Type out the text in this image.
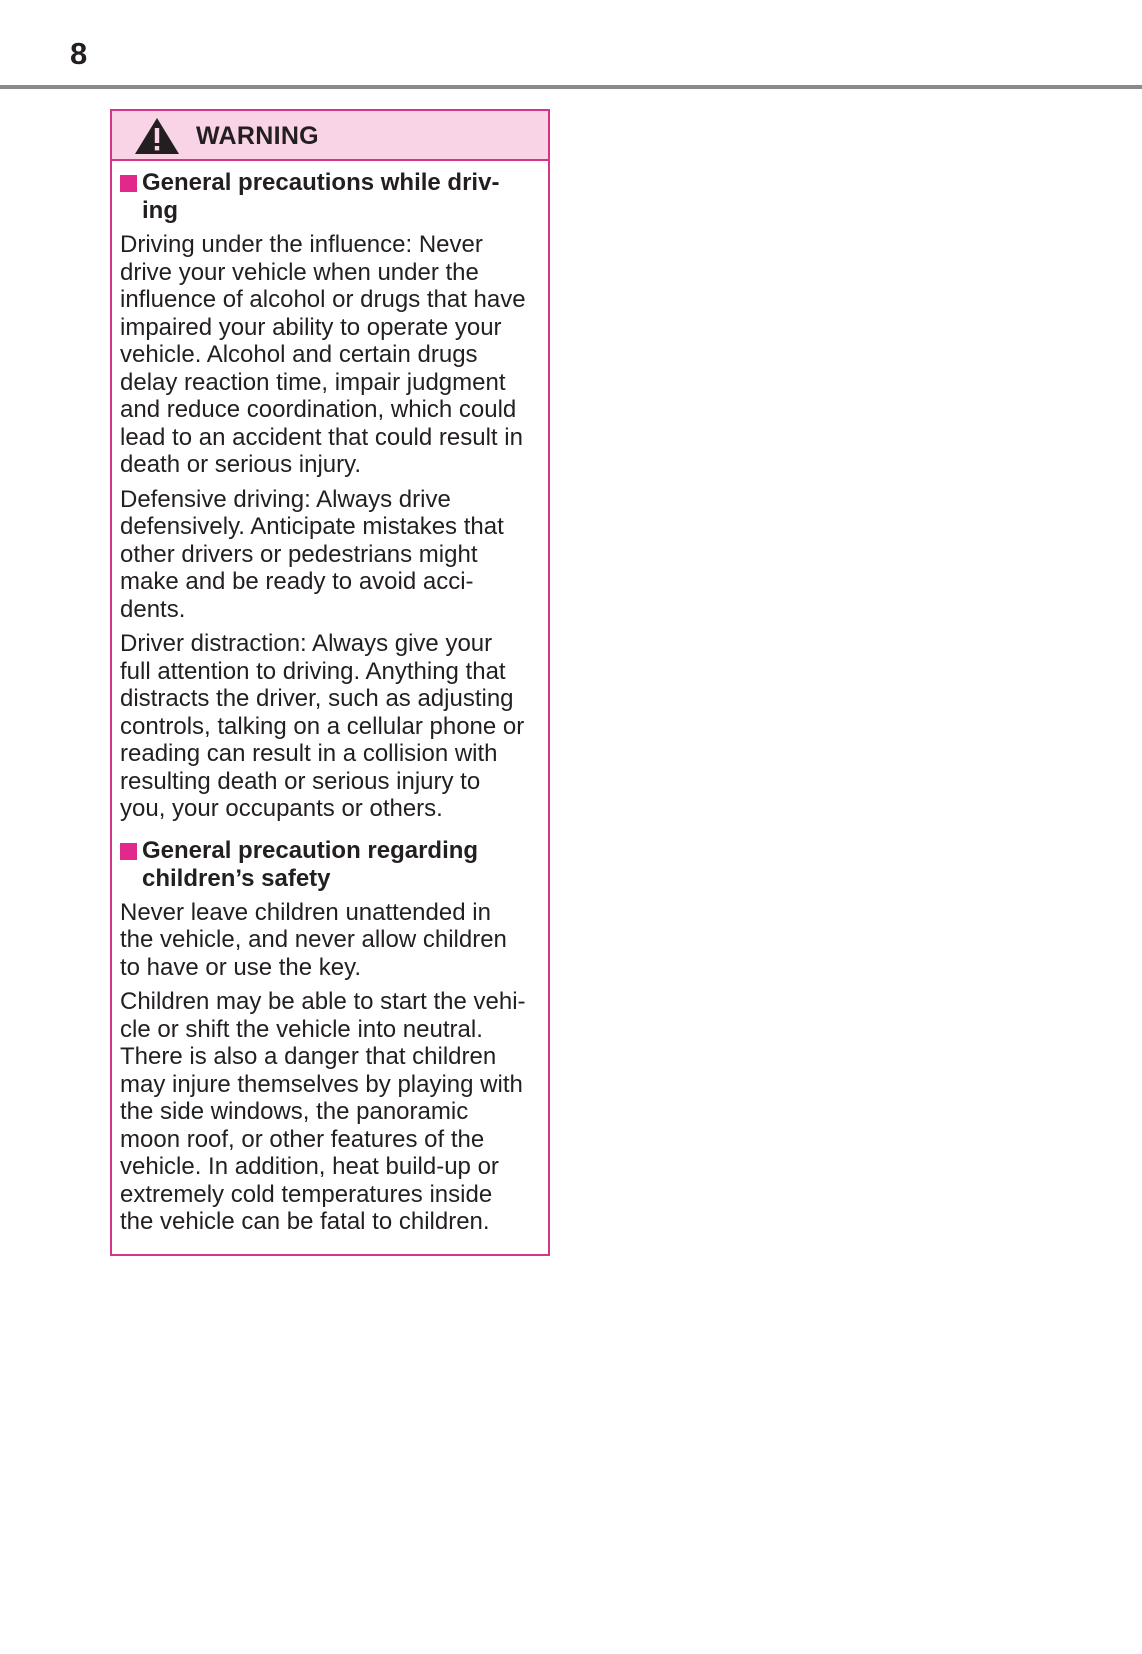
8
WARNING
General precautions while driv-
ing
Driving under the influence: Never
drive your vehicle when under the
influence of alcohol or drugs that have
impaired your ability to operate your
vehicle. Alcohol and certain drugs
delay reaction time, impair judgment
and reduce coordination, which could
lead to an accident that could result in
death or serious injury.
Defensive driving: Always drive
defensively. Anticipate mistakes that
other drivers or pedestrians might
make and be ready to avoid acci-
dents.
Driver distraction: Always give your
full attention to driving. Anything that
distracts the driver, such as adjusting
controls, talking on a cellular phone or
reading can result in a collision with
resulting death or serious injury to
you, your occupants or others.
General precaution regarding
children’s safety
Never leave children unattended in
the vehicle, and never allow children
to have or use the key.
Children may be able to start the vehi-
cle or shift the vehicle into neutral.
There is also a danger that children
may injure themselves by playing with
the side windows, the panoramic
moon roof, or other features of the
vehicle. In addition, heat build-up or
extremely cold temperatures inside
the vehicle can be fatal to children.
